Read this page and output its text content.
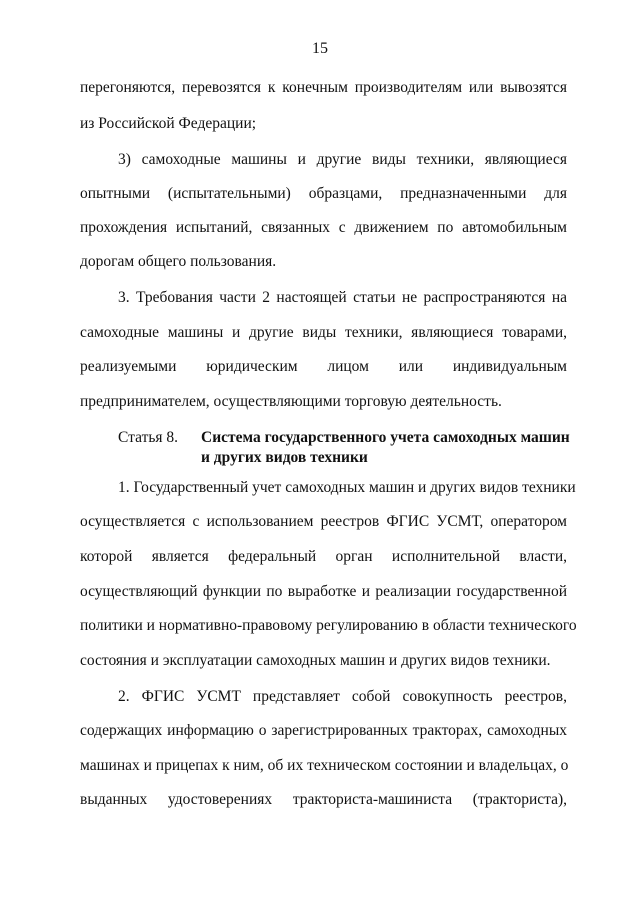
15
перегоняются, перевозятся к конечным производителям или вывозятся
из Российской Федерации;
3) самоходные машины и другие виды техники, являющиеся
опытными (испытательными) образцами, предназначенными для
прохождения испытаний, связанных с движением по автомобильным
дорогам общего пользования.
3. Требования части 2 настоящей статьи не распространяются на
самоходные машины и другие виды техники, являющиеся товарами,
реализуемыми юридическим лицом или индивидуальным
предпринимателем, осуществляющими торговую деятельность.
Статья 8. Система государственного учета самоходных машин
и других видов техники
1. Государственный учет самоходных машин и других видов техники
осуществляется с использованием реестров ФГИС УСМТ, оператором
которой является федеральный орган исполнительной власти,
осуществляющий функции по выработке и реализации государственной
политики и нормативно-правовому регулированию в области технического
состояния и эксплуатации самоходных машин и других видов техники.
2. ФГИС УСМТ представляет собой совокупность реестров,
содержащих информацию о зарегистрированных тракторах, самоходных
машинах и прицепах к ним, об их техническом состоянии и владельцах, о
выданных удостоверениях тракториста-машиниста (тракториста),
